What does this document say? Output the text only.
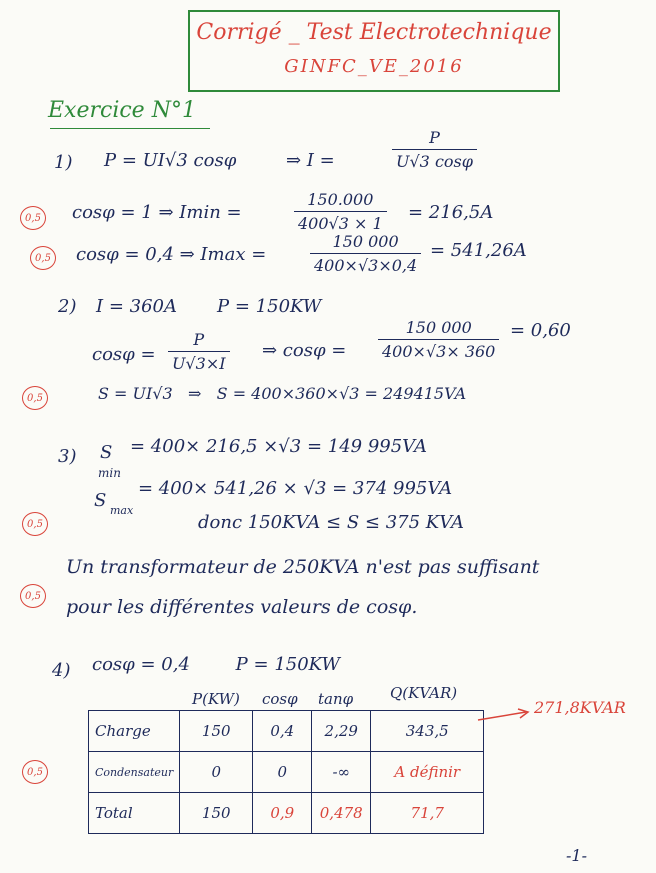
Corrigé _ Test Electrotechnique
GINFC_VE_2016
Exercice N°1
1) P = UI√3 cosφ	⇒ I =
P
U√3 cosφ
0,5 cosφ = 1 ⇒ Imin =
150.000
400√3 × 1
= 216,5A
0,5 cosφ = 0,4 ⇒ Imax =
150 000
400×√3×0,4
= 541,26A
2) I = 360A       P = 150KW
cosφ =
P
U√3×I
⇒ cosφ =
150 000
400×√3× 360
= 0,60
0,5	S = UI√3   ⇒   S = 400×360×√3 = 249415VA
3) S
min
= 400× 216,5 ×√3 = 149 995VA
S max
= 400× 541,26 × √3 = 374 995VA
0,5	donc 150KVA ≤ S ≤ 375 KVA
0,5
Un transformateur de 250KVA n'est pas suffisant
pour les différentes valeurs de cosφ.
4) cosφ = 0,4        P = 150KW
P(KW) cosφ tanφ Q(KVAR)
Charge	150	0,4	2,29	343,5
Condensateur	0	0	-∞	A définir
Total	150	0,9	0,478	71,7
271,8KVAR
0,5
-1-
